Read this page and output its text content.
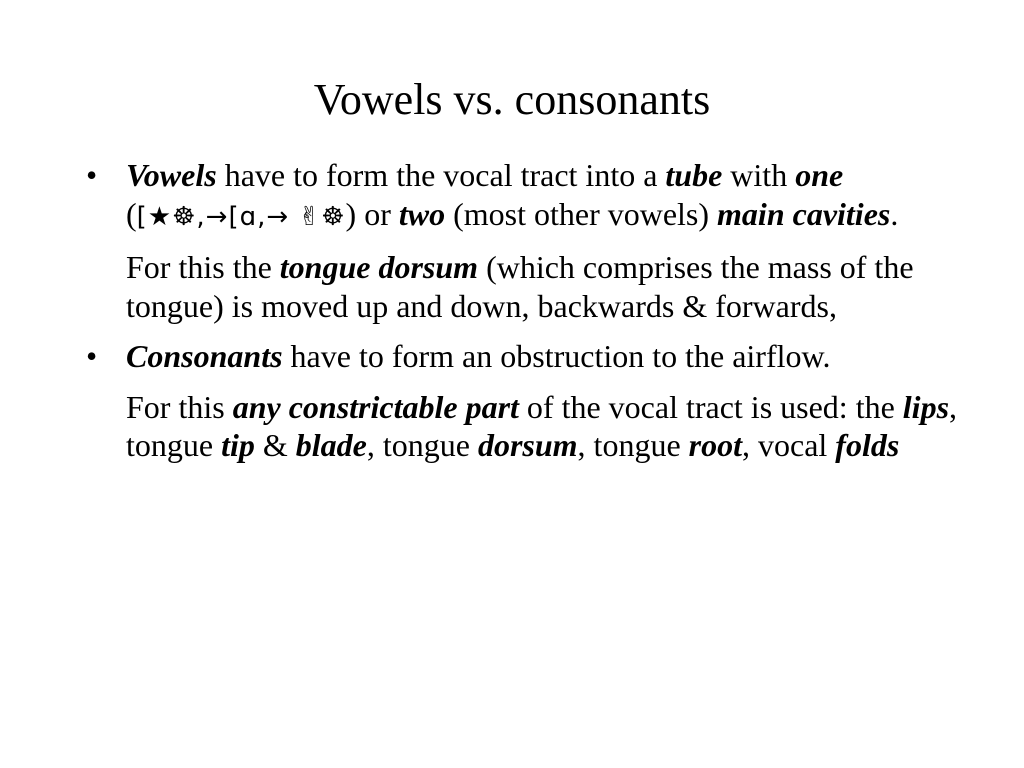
Vowels vs. consonants
• Vowels have to form the vocal tract into a tube with one ([★☸,→[ɑ,→ ✌☸) or two (most other vowels) main cavities.

For this the tongue dorsum (which comprises the mass of the tongue) is moved up and down, backwards & forwards,

• Consonants have to form an obstruction to the airflow.

For this any constrictable part of the vocal tract is used: the lips, tongue tip & blade, tongue dorsum, tongue root, vocal folds
